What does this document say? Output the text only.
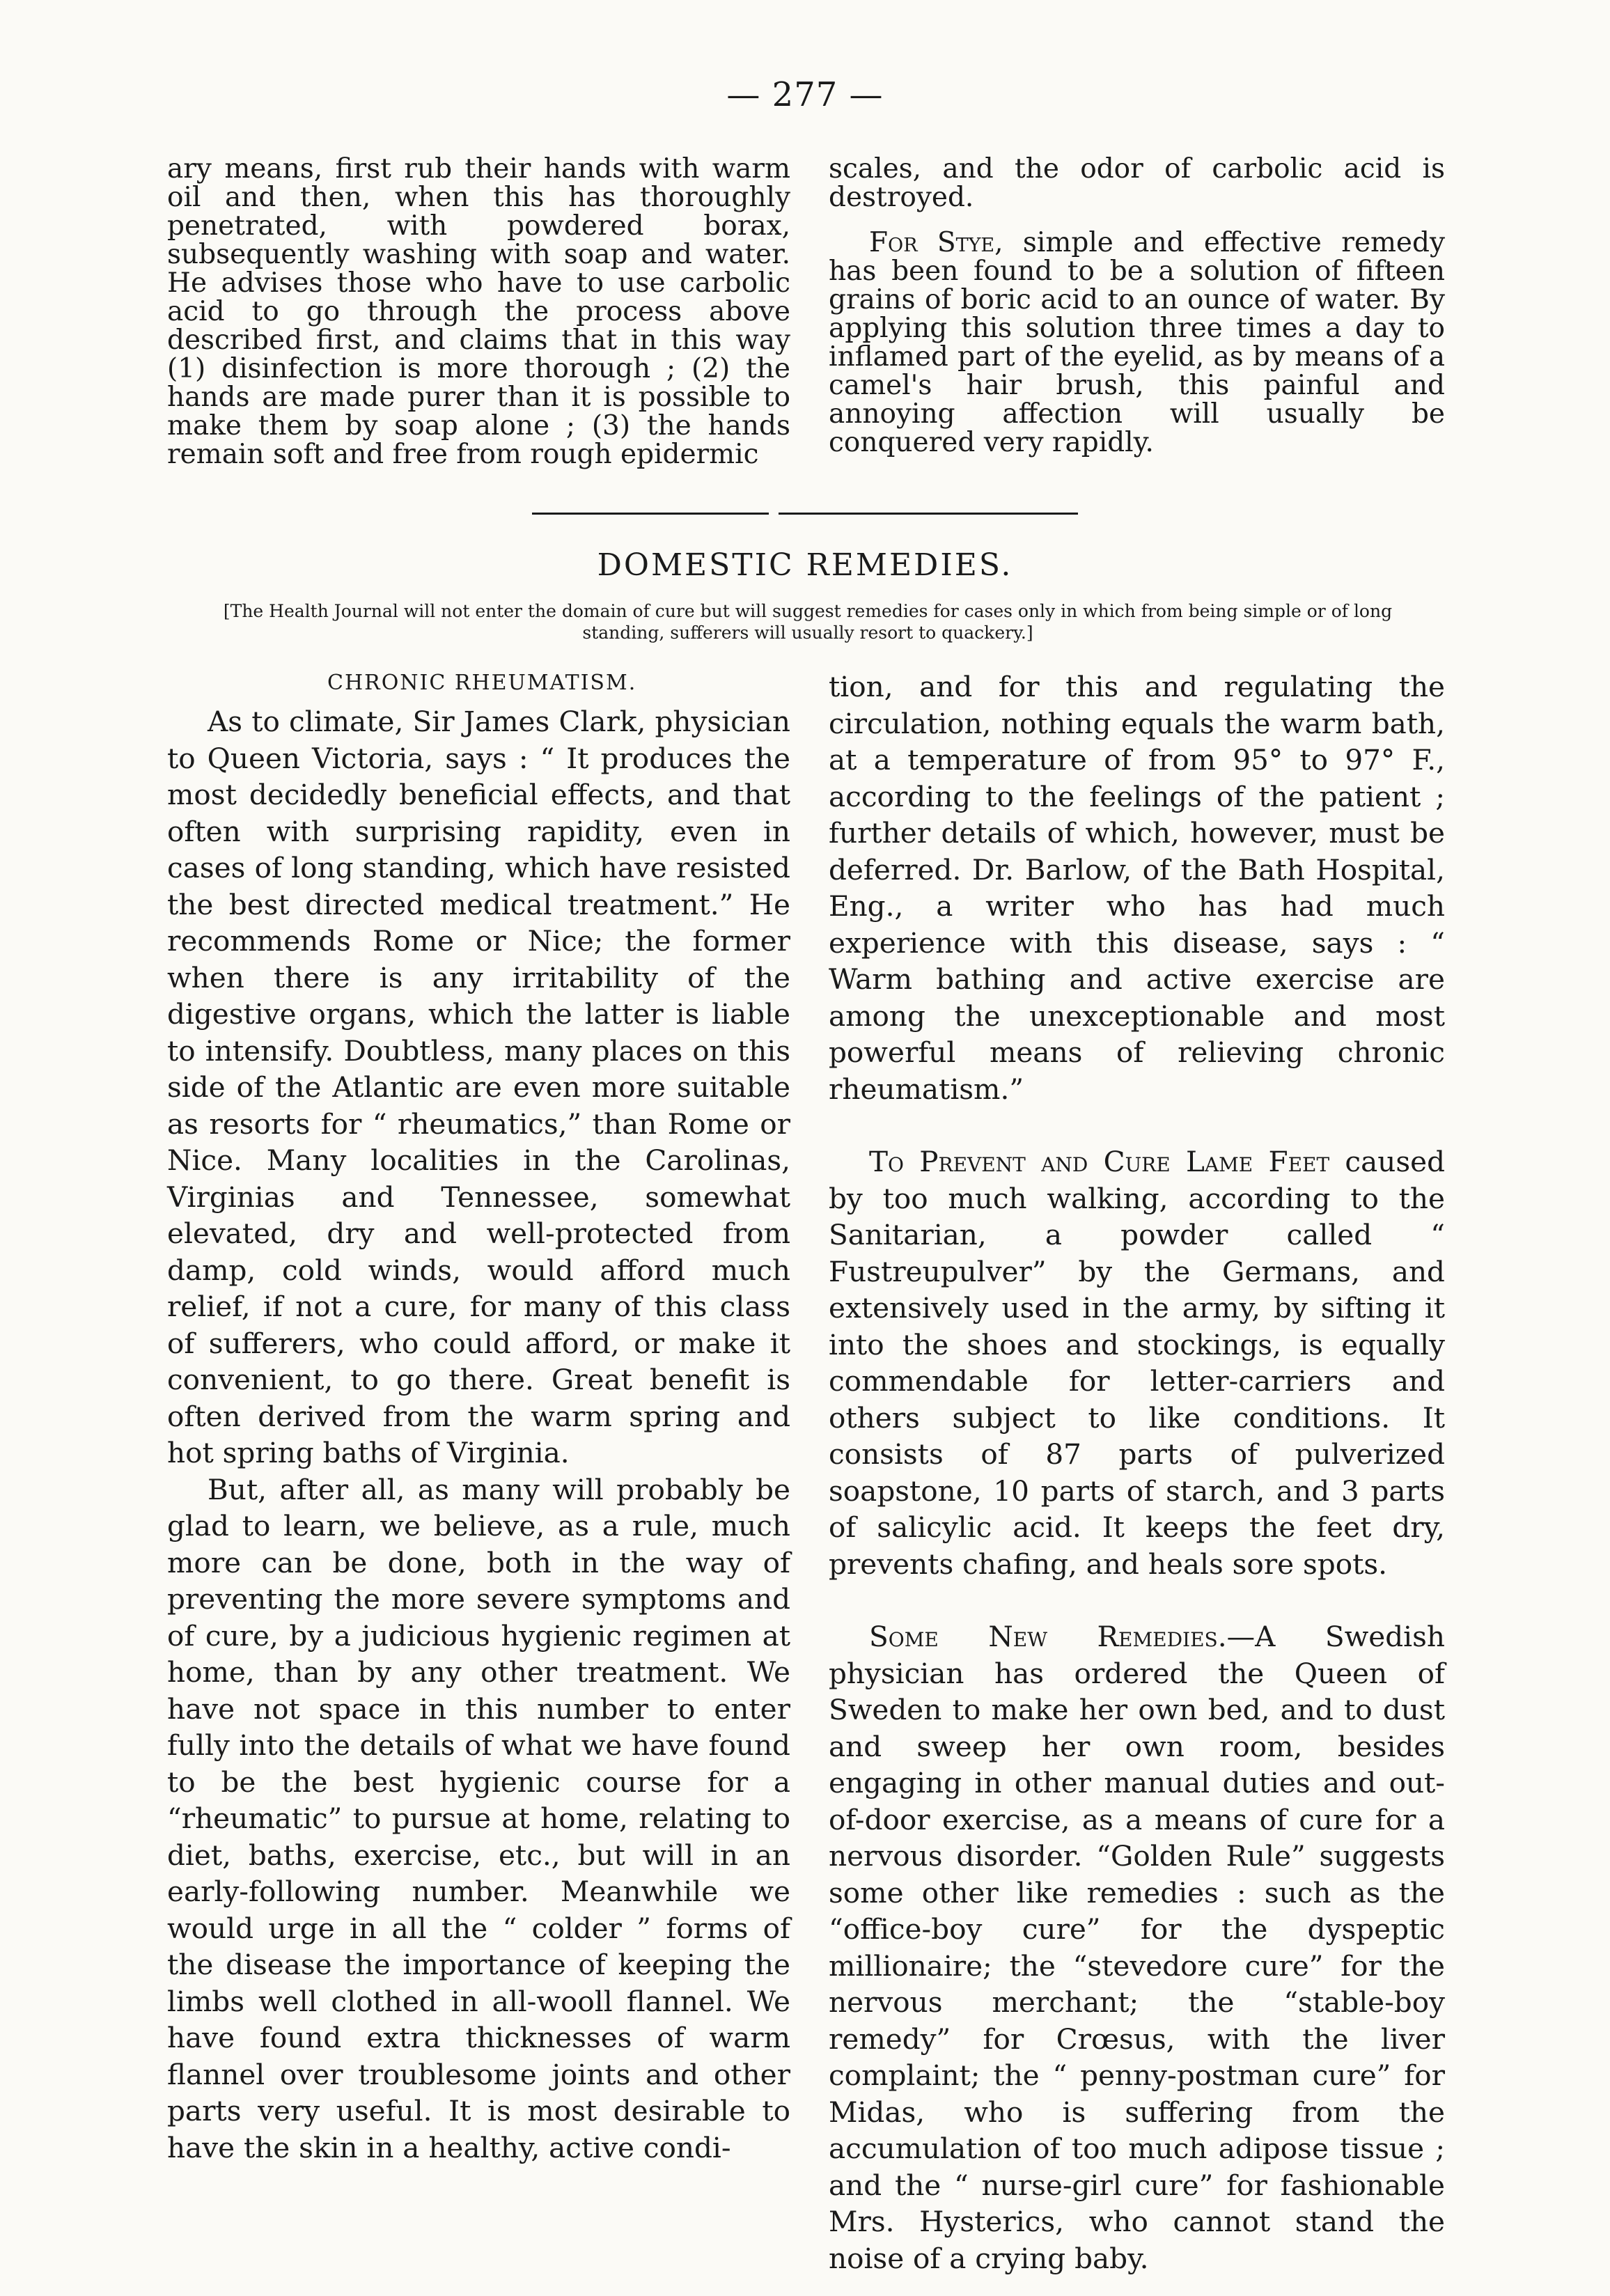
— 277 —

ary means, first rub their hands with warm oil and then, when this has thoroughly penetrated, with powdered borax, subsequently washing with soap and water. He advises those who have to use carbolic acid to go through the process above described first, and claims that in this way (1) disinfection is more thorough ; (2) the hands are made purer than it is possible to make them by soap alone ; (3) the hands remain soft and free from rough epidermic

scales, and the odor of carbolic acid is destroyed.

For Stye, simple and effective remedy has been found to be a solution of fifteen grains of boric acid to an ounce of water. By applying this solution three times a day to inflamed part of the eyelid, as by means of a camel's hair brush, this painful and annoying affection will usually be conquered very rapidly.

DOMESTIC REMEDIES.
[The Health Journal will not enter the domain of cure but will suggest remedies for cases only in which from being simple or of long standing, sufferers will usually resort to quackery.]
CHRONIC RHEUMATISM.

As to climate, Sir James Clark, physician to Queen Victoria, says : “ It produces the most decidedly beneficial effects, and that often with surprising rapidity, even in cases of long standing, which have resisted the best directed medical treatment.” He recommends Rome or Nice; the former when there is any irritability of the digestive organs, which the latter is liable to intensify. Doubtless, many places on this side of the Atlantic are even more suitable as resorts for “ rheumatics,” than Rome or Nice. Many localities in the Carolinas, Virginias and Tennessee, somewhat elevated, dry and well-protected from damp, cold winds, would afford much relief, if not a cure, for many of this class of sufferers, who could afford, or make it convenient, to go there. Great benefit is often derived from the warm spring and hot spring baths of Virginia.

But, after all, as many will probably be glad to learn, we believe, as a rule, much more can be done, both in the way of preventing the more severe symptoms and of cure, by a judicious hygienic regimen at home, than by any other treatment. We have not space in this number to enter fully into the details of what we have found to be the best hygienic course for a “rheumatic” to pursue at home, relating to diet, baths, exercise, etc., but will in an early-following number. Meanwhile we would urge in all the “ colder ” forms of the disease the importance of keeping the limbs well clothed in all-wooll flannel. We have found extra thicknesses of warm flannel over troublesome joints and other parts very useful. It is most desirable to have the skin in a healthy, active condi-

tion, and for this and regulating the circulation, nothing equals the warm bath, at a temperature of from 95° to 97° F., according to the feelings of the patient ; further details of which, however, must be deferred. Dr. Barlow, of the Bath Hospital, Eng., a writer who has had much experience with this disease, says : “ Warm bathing and active exercise are among the unexceptionable and most powerful means of relieving chronic rheumatism.”

To Prevent and Cure Lame Feet caused by too much walking, according to the Sanitarian, a powder called “ Fustreupulver” by the Germans, and extensively used in the army, by sifting it into the shoes and stockings, is equally commendable for letter-carriers and others subject to like conditions. It consists of 87 parts of pulverized soapstone, 10 parts of starch, and 3 parts of salicylic acid. It keeps the feet dry, prevents chafing, and heals sore spots.

Some New Remedies.—A Swedish physician has ordered the Queen of Sweden to make her own bed, and to dust and sweep her own room, besides engaging in other manual duties and out-of-door exercise, as a means of cure for a nervous disorder. “Golden Rule” suggests some other like remedies : such as the “office-boy cure” for the dyspeptic millionaire; the “stevedore cure” for the nervous merchant; the “stable-boy remedy” for Crœsus, with the liver complaint; the “ penny-postman cure” for Midas, who is suffering from the accumulation of too much adipose tissue ; and the “ nurse-girl cure” for fashionable Mrs. Hysterics, who cannot stand the noise of a crying baby.
